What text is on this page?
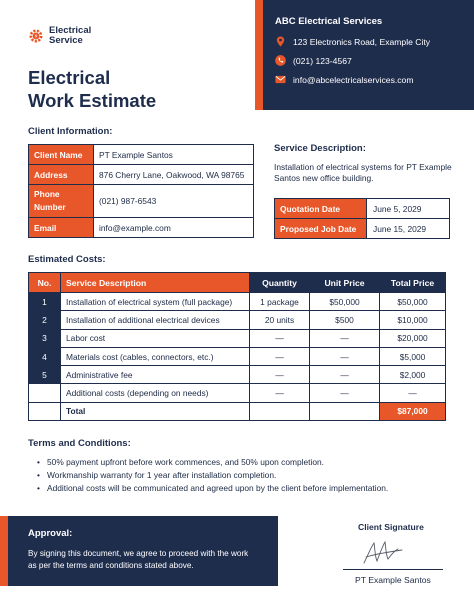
Electrical
Service
ABC Electrical Services
123 Electronics Road, Example City
(021) 123-4567
info@abcelectricalservices.com
Electrical
Work Estimate
Client Information:
Client Name	PT Example Santos
Address	876 Cherry Lane, Oakwood, WA 98765
Phone Number	(021) 987-6543
Email	info@example.com
Service Description:
Installation of electrical systems for PT Example Santos new office building.
Quotation Date	June 5, 2029
Proposed Job Date	June 15, 2029
Estimated Costs:
No.	Service Description	Quantity	Unit Price	Total Price
1	Installation of electrical system (full package)	1 package	$50,000	$50,000
2	Installation of additional electrical devices	20 units	$500	$10,000
3	Labor cost	—	—	$20,000
4	Materials cost (cables, connectors, etc.)	—	—	$5,000
5	Administrative fee	—	—	$2,000
	Additional costs (depending on needs)	—	—	—
	Total			$87,000
Terms and Conditions:
• 50% payment upfront before work commences, and 50% upon completion.
• Workmanship warranty for 1 year after installation completion.
• Additional costs will be communicated and agreed upon by the client before implementation.
Approval:
By signing this document, we agree to proceed with the work as per the terms and conditions stated above.
Client Signature
PT Example Santos
